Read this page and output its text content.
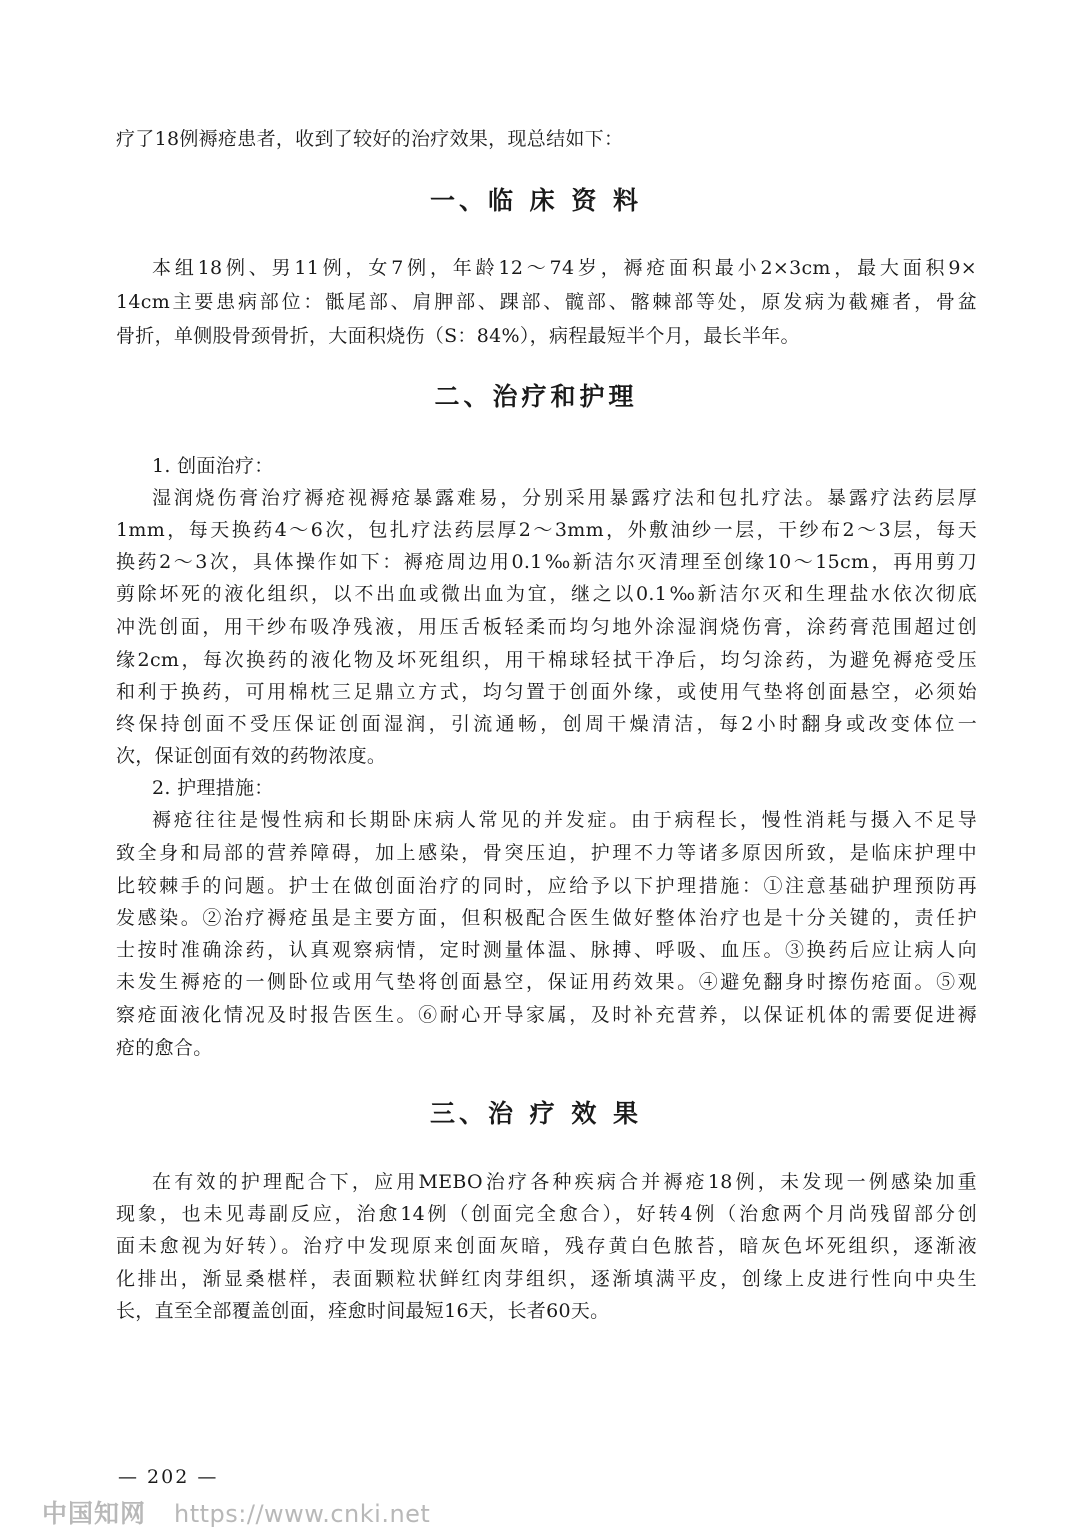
疗了18例褥疮患者，收到了较好的治疗效果，现总结如下：
一、临 床 资 料
本组18例、男11例，女7例，年龄12～74岁，褥疮面积最小2×3cm，最大面积9×
14cm主要患病部位：骶尾部、肩胛部、踝部、髋部、髂棘部等处，原发病为截瘫者，骨盆
骨折，单侧股骨颈骨折，大面积烧伤（S：84%），病程最短半个月，最长半年。
二、治疗和护理
1. 创面治疗：
湿润烧伤膏治疗褥疮视褥疮暴露难易，分别采用暴露疗法和包扎疗法。暴露疗法药层厚
1mm，每天换药4～6次，包扎疗法药层厚2～3mm，外敷油纱一层，干纱布2～3层，每天
换药2～3次，具体操作如下：褥疮周边用0.1‰新洁尔灭清理至创缘10～15cm，再用剪刀
剪除坏死的液化组织，以不出血或微出血为宜，继之以0.1‰新洁尔灭和生理盐水依次彻底
冲洗创面，用干纱布吸净残液，用压舌板轻柔而均匀地外涂湿润烧伤膏，涂药膏范围超过创
缘2cm，每次换药的液化物及坏死组织，用干棉球轻拭干净后，均匀涂药，为避免褥疮受压
和利于换药，可用棉枕三足鼎立方式，均匀置于创面外缘，或使用气垫将创面悬空，必须始
终保持创面不受压保证创面湿润，引流通畅，创周干燥清洁，每2小时翻身或改变体位一
次，保证创面有效的药物浓度。
2. 护理措施：
褥疮往往是慢性病和长期卧床病人常见的并发症。由于病程长，慢性消耗与摄入不足导
致全身和局部的营养障碍，加上感染，骨突压迫，护理不力等诸多原因所致，是临床护理中
比较棘手的问题。护士在做创面治疗的同时，应给予以下护理措施：①注意基础护理预防再
发感染。②治疗褥疮虽是主要方面，但积极配合医生做好整体治疗也是十分关键的，责任护
士按时准确涂药，认真观察病情，定时测量体温、脉搏、呼吸、血压。③换药后应让病人向
未发生褥疮的一侧卧位或用气垫将创面悬空，保证用药效果。④避免翻身时擦伤疮面。⑤观
察疮面液化情况及时报告医生。⑥耐心开导家属，及时补充营养，以保证机体的需要促进褥
疮的愈合。
三、治 疗 效 果
在有效的护理配合下，应用MEBO治疗各种疾病合并褥疮18例，未发现一例感染加重
现象，也未见毒副反应，治愈14例（创面完全愈合），好转4例（治愈两个月尚残留部分创
面未愈视为好转）。治疗中发现原来创面灰暗，残存黄白色脓苔，暗灰色坏死组织，逐渐液
化排出，渐显桑椹样，表面颗粒状鲜红肉芽组织，逐渐填满平皮，创缘上皮进行性向中央生
长，直至全部覆盖创面，痊愈时间最短16天，长者60天。
— 202 —
中国知网 https://www.cnki.net
